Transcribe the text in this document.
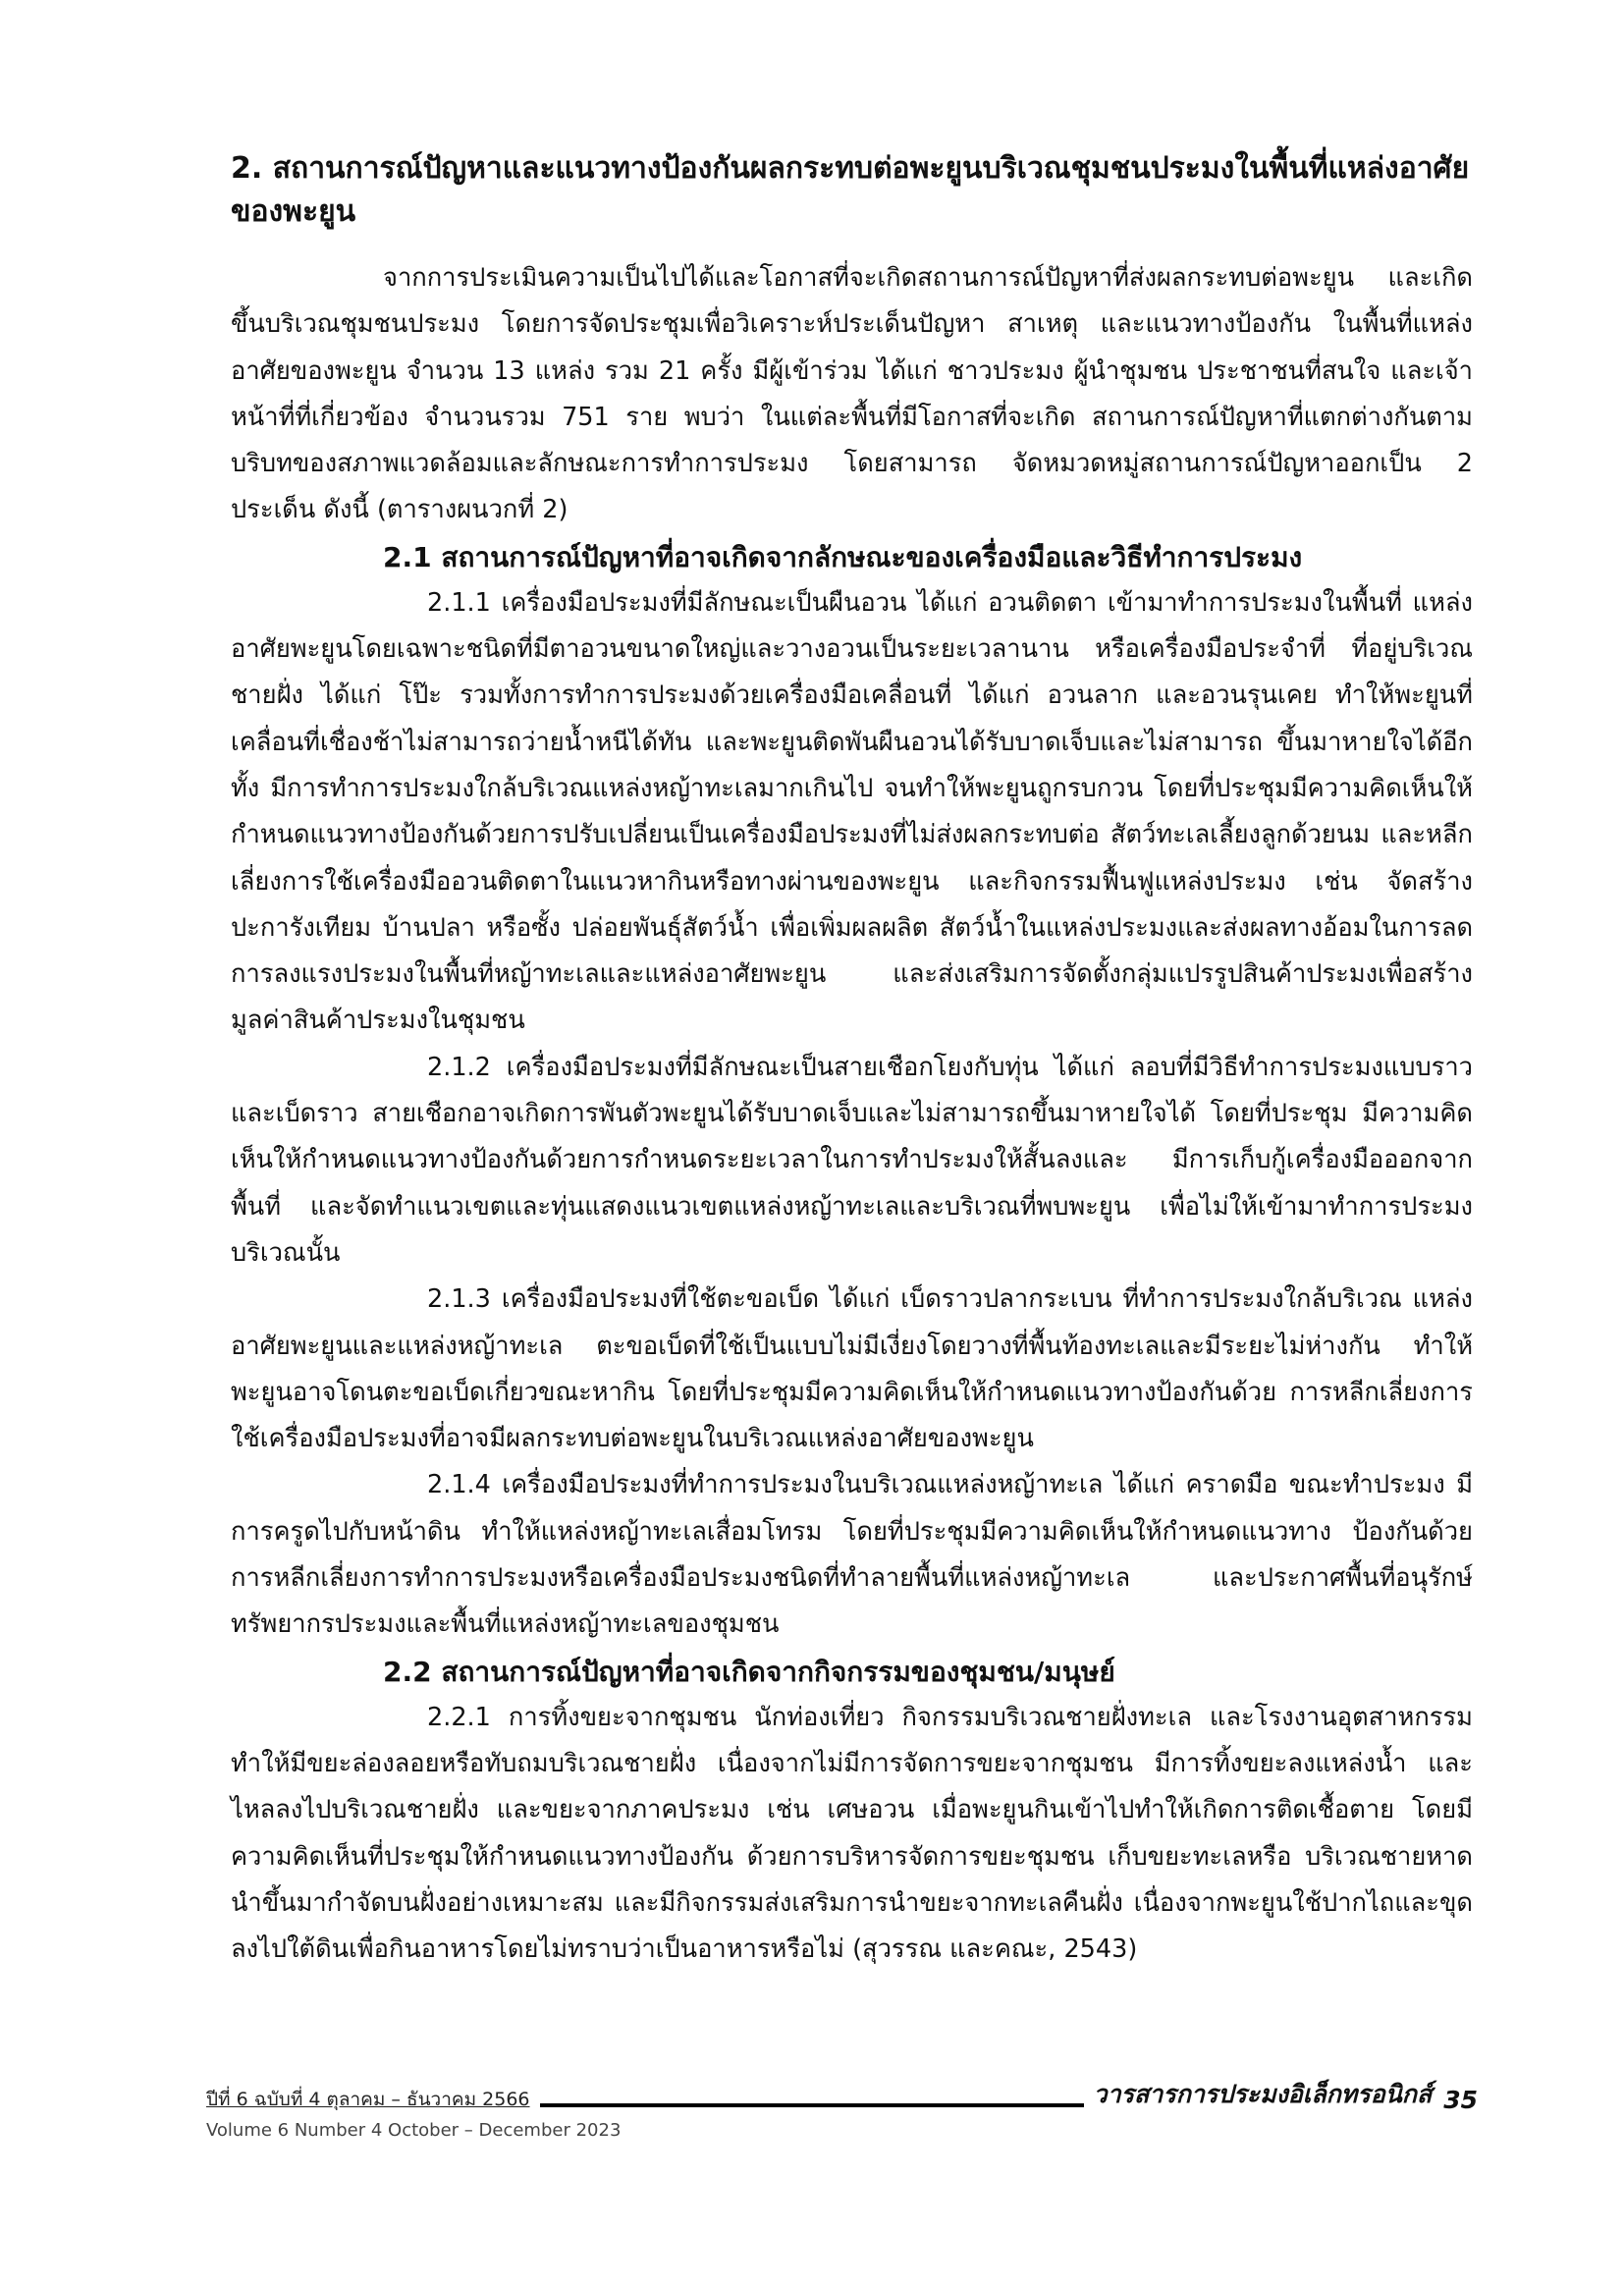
2. สถานการณ์ปัญหาและแนวทางป้องกันผลกระทบต่อพะยูนบริเวณชุมชนประมงในพื้นที่แหล่งอาศัยของพะยูน

จากการประเมินความเป็นไปได้และโอกาสที่จะเกิดสถานการณ์ปัญหาที่ส่งผลกระทบต่อพะยูน และเกิดขึ้นบริเวณชุมชนประมง โดยการจัดประชุมเพื่อวิเคราะห์ประเด็นปัญหา สาเหตุ และแนวทางป้องกัน ในพื้นที่แหล่งอาศัยของพะยูน จำนวน 13 แหล่ง รวม 21 ครั้ง มีผู้เข้าร่วม ได้แก่ ชาวประมง ผู้นำชุมชน ประชาชนที่สนใจ และเจ้าหน้าที่ที่เกี่ยวข้อง จำนวนรวม 751 ราย พบว่า ในแต่ละพื้นที่มีโอกาสที่จะเกิด สถานการณ์ปัญหาที่แตกต่างกันตามบริบทของสภาพแวดล้อมและลักษณะการทำการประมง โดยสามารถ จัดหมวดหมู่สถานการณ์ปัญหาออกเป็น 2 ประเด็น ดังนี้ (ตารางผนวกที่ 2)

2.1 สถานการณ์ปัญหาที่อาจเกิดจากลักษณะของเครื่องมือและวิธีทำการประมง

2.1.1 เครื่องมือประมงที่มีลักษณะเป็นผืนอวน ได้แก่ อวนติดตา เข้ามาทำการประมงในพื้นที่ แหล่งอาศัยพะยูนโดยเฉพาะชนิดที่มีตาอวนขนาดใหญ่และวางอวนเป็นระยะเวลานาน หรือเครื่องมือประจำที่ ที่อยู่บริเวณชายฝั่ง ได้แก่ โป๊ะ รวมทั้งการทำการประมงด้วยเครื่องมือเคลื่อนที่ ได้แก่ อวนลาก และอวนรุนเคย ทำให้พะยูนที่เคลื่อนที่เชื่องช้าไม่สามารถว่ายน้ำหนีได้ทัน และพะยูนติดพันผืนอวนได้รับบาดเจ็บและไม่สามารถ ขึ้นมาหายใจได้อีกทั้ง มีการทำการประมงใกล้บริเวณแหล่งหญ้าทะเลมากเกินไป จนทำให้พะยูนถูกรบกวน โดยที่ประชุมมีความคิดเห็นให้กำหนดแนวทางป้องกันด้วยการปรับเปลี่ยนเป็นเครื่องมือประมงที่ไม่ส่งผลกระทบต่อ สัตว์ทะเลเลี้ยงลูกด้วยนม และหลีกเลี่ยงการใช้เครื่องมืออวนติดตาในแนวหากินหรือทางผ่านของพะยูน และกิจกรรมฟื้นฟูแหล่งประมง เช่น จัดสร้างปะการังเทียม บ้านปลา หรือซั้ง ปล่อยพันธุ์สัตว์น้ำ เพื่อเพิ่มผลผลิต สัตว์น้ำในแหล่งประมงและส่งผลทางอ้อมในการลดการลงแรงประมงในพื้นที่หญ้าทะเลและแหล่งอาศัยพะยูน และส่งเสริมการจัดตั้งกลุ่มแปรรูปสินค้าประมงเพื่อสร้างมูลค่าสินค้าประมงในชุมชน

2.1.2 เครื่องมือประมงที่มีลักษณะเป็นสายเชือกโยงกับทุ่น ได้แก่ ลอบที่มีวิธีทำการประมงแบบราว และเบ็ดราว สายเชือกอาจเกิดการพันตัวพะยูนได้รับบาดเจ็บและไม่สามารถขึ้นมาหายใจได้ โดยที่ประชุม มีความคิดเห็นให้กำหนดแนวทางป้องกันด้วยการกำหนดระยะเวลาในการทำประมงให้สั้นลงและ มีการเก็บกู้เครื่องมือออกจากพื้นที่ และจัดทำแนวเขตและทุ่นแสดงแนวเขตแหล่งหญ้าทะเลและบริเวณที่พบพะยูน เพื่อไม่ให้เข้ามาทำการประมงบริเวณนั้น

2.1.3 เครื่องมือประมงที่ใช้ตะขอเบ็ด ได้แก่ เบ็ดราวปลากระเบน ที่ทำการประมงใกล้บริเวณ แหล่งอาศัยพะยูนและแหล่งหญ้าทะเล ตะขอเบ็ดที่ใช้เป็นแบบไม่มีเงี่ยงโดยวางที่พื้นท้องทะเลและมีระยะไม่ห่างกัน ทำให้พะยูนอาจโดนตะขอเบ็ดเกี่ยวขณะหากิน โดยที่ประชุมมีความคิดเห็นให้กำหนดแนวทางป้องกันด้วย การหลีกเลี่ยงการใช้เครื่องมือประมงที่อาจมีผลกระทบต่อพะยูนในบริเวณแหล่งอาศัยของพะยูน

2.1.4 เครื่องมือประมงที่ทำการประมงในบริเวณแหล่งหญ้าทะเล ได้แก่ คราดมือ ขณะทำประมง มีการครูดไปกับหน้าดิน ทำให้แหล่งหญ้าทะเลเสื่อมโทรม โดยที่ประชุมมีความคิดเห็นให้กำหนดแนวทาง ป้องกันด้วยการหลีกเลี่ยงการทำการประมงหรือเครื่องมือประมงชนิดที่ทำลายพื้นที่แหล่งหญ้าทะเล และประกาศพื้นที่อนุรักษ์ทรัพยากรประมงและพื้นที่แหล่งหญ้าทะเลของชุมชน

2.2 สถานการณ์ปัญหาที่อาจเกิดจากกิจกรรมของชุมชน/มนุษย์

2.2.1 การทิ้งขยะจากชุมชน นักท่องเที่ยว กิจกรรมบริเวณชายฝั่งทะเล และโรงงานอุตสาหกรรม ทำให้มีขยะล่องลอยหรือทับถมบริเวณชายฝั่ง เนื่องจากไม่มีการจัดการขยะจากชุมชน มีการทิ้งขยะลงแหล่งน้ำ และไหลลงไปบริเวณชายฝั่ง และขยะจากภาคประมง เช่น เศษอวน เมื่อพะยูนกินเข้าไปทำให้เกิดการติดเชื้อตาย โดยมีความคิดเห็นที่ประชุมให้กำหนดแนวทางป้องกัน ด้วยการบริหารจัดการขยะชุมชน เก็บขยะทะเลหรือ บริเวณชายหาด นำขึ้นมากำจัดบนฝั่งอย่างเหมาะสม และมีกิจกรรมส่งเสริมการนำขยะจากทะเลคืนฝั่ง เนื่องจากพะยูนใช้ปากไถและขุดลงไปใต้ดินเพื่อกินอาหารโดยไม่ทราบว่าเป็นอาหารหรือไม่ (สุวรรณ และคณะ, 2543)

ปีที่ 6 ฉบับที่ 4 ตุลาคม – ธันวาคม 2566	วารสารการประมงอิเล็กทรอนิกส์ 35
Volume 6 Number 4 October – December 2023
